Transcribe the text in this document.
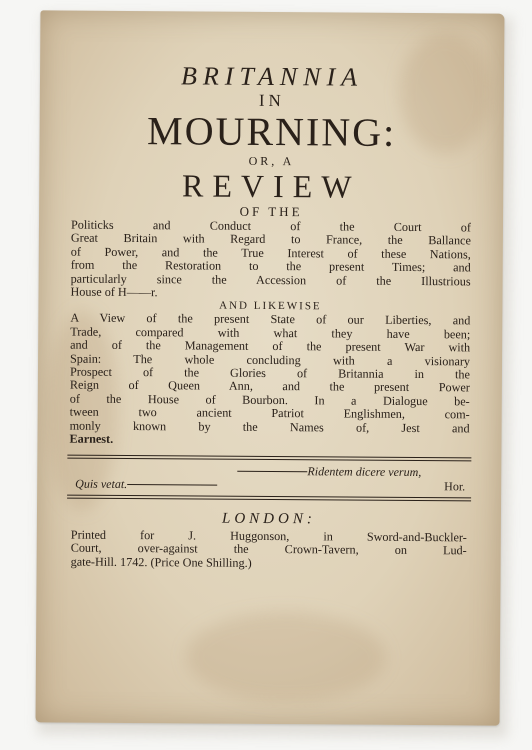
BRITANNIA

IN

MOURNING:

OR, A

REVIEW

OF THE

Politicks and Conduct of the Court of
Great Britain with Regard to France, the Ballance
of Power, and the True Interest of these Nations,
from the Restoration to the present Times; and
particularly since the Accession of the Illustrious
House of H——r.

AND LIKEWISE

A View of the present State of our Liberties, and
Trade, compared with what they have been;
and of the Management of the present War with
Spain: The whole concluding with a visionary
Prospect of the Glories of Britannia in the
Reign of Queen Ann, and the present Power
of the House of Bourbon. In a Dialogue be-
tween two ancient Patriot Englishmen, com-
monly known by the Names of, Jest and
Earnest.
Ridentem dicere verum,
Quis vetat.	Hor.

LONDON:

Printed for J. Huggonson, in Sword-and-Buckler-
Court, over-against the Crown-Tavern, on Lud-
gate-Hill. 1742. (Price One Shilling.)
